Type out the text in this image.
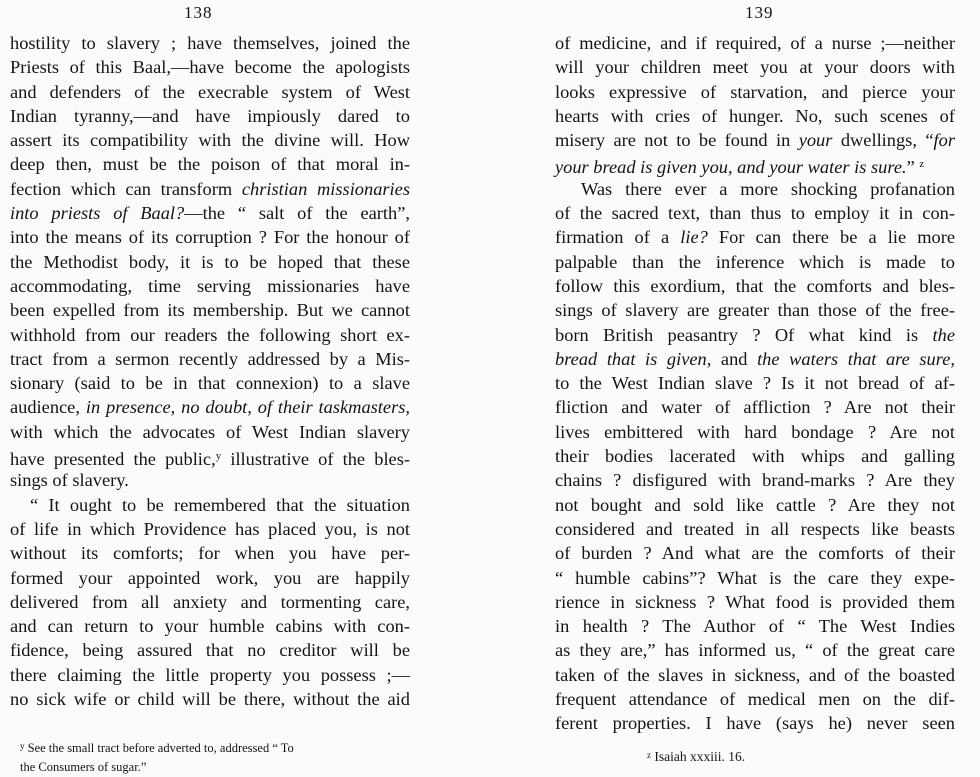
138
hostility to slavery ; have themselves, joined the
Priests of this Baal,—have become the apologists
and defenders of the execrable system of West
Indian tyranny,—and have impiously dared to
assert its compatibility with the divine will. How
deep then, must be the poison of that moral in-
fection which can transform christian missionaries
into priests of Baal?—the “ salt of the earth”,
into the means of its corruption ? For the honour of
the Methodist body, it is to be hoped that these
accommodating, time serving missionaries have
been expelled from its membership. But we cannot
withhold from our readers the following short ex-
tract from a sermon recently addressed by a Mis-
sionary (said to be in that connexion) to a slave
audience, in presence, no doubt, of their taskmasters,
with which the advocates of West Indian slavery
have presented the public,$^y$ illustrative of the bles-
sings of slavery.
“ It ought to be remembered that the situation
of life in which Providence has placed you, is not
without its comforts; for when you have per-
formed your appointed work, you are happily
delivered from all anxiety and tormenting care,
and can return to your humble cabins with con-
fidence, being assured that no creditor will be
there claiming the little property you possess ;—
no sick wife or child will be there, without the aid
$^y$ See the small tract before adverted to, addressed “ To
the Consumers of sugar.”
139
of medicine, and if required, of a nurse ;—neither
will your children meet you at your doors with
looks expressive of starvation, and pierce your
hearts with cries of hunger. No, such scenes of
misery are not to be found in your dwellings, “for
your bread is given you, and your water is sure.” $^z$
Was there ever a more shocking profanation
of the sacred text, than thus to employ it in con-
firmation of a lie? For can there be a lie more
palpable than the inference which is made to
follow this exordium, that the comforts and bles-
sings of slavery are greater than those of the free-
born British peasantry ? Of what kind is the
bread that is given, and the waters that are sure,
to the West Indian slave ? Is it not bread of af-
fliction and water of affliction ? Are not their
lives embittered with hard bondage ? Are not
their bodies lacerated with whips and galling
chains ? disfigured with brand-marks ? Are they
not bought and sold like cattle ? Are they not
considered and treated in all respects like beasts
of burden ? And what are the comforts of their
“ humble cabins”? What is the care they expe-
rience in sickness ? What food is provided them
in health ? The Author of “ The West Indies
as they are,” has informed us, “ of the great care
taken of the slaves in sickness, and of the boasted
frequent attendance of medical men on the dif-
ferent properties. I have (says he) never seen
$^z$ Isaiah xxxiii. 16.
